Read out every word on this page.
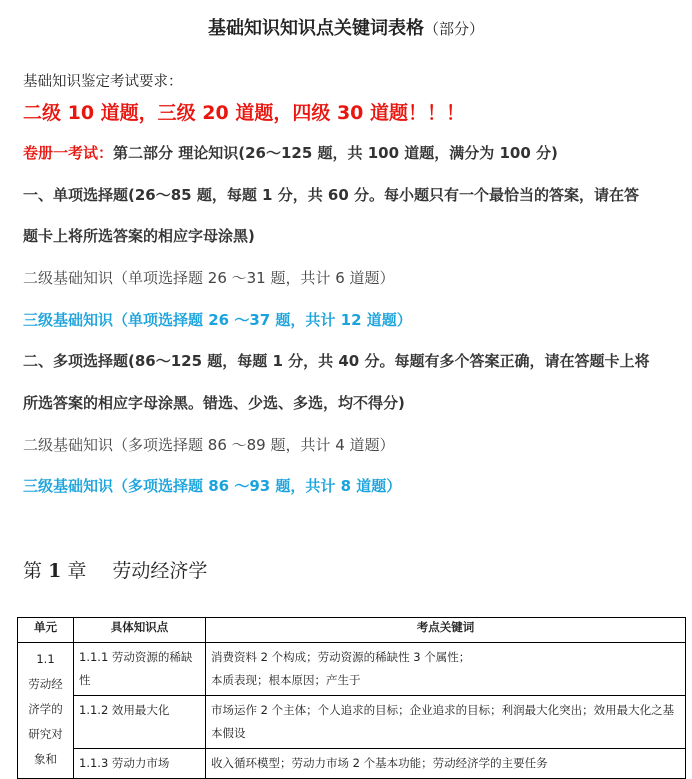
基础知识知识点关键词表格（部分）
基础知识鉴定考试要求：
二级 10 道题，三级 20 道题，四级 30 道题！！！
卷册一考试：第二部分 理论知识(26～125 题，共 100 道题，满分为 100 分)
一、单项选择题(26～85 题，每题 1 分，共 60 分。每小题只有一个最恰当的答案，请在答
题卡上将所选答案的相应字母涂黑)
二级基础知识（单项选择题 26 ～31 题，共计 6 道题）
三级基础知识（单项选择题 26 ～37 题，共计 12 道题）
二、多项选择题(86～125 题，每题 1 分，共 40 分。每题有多个答案正确，请在答题卡上将
所选答案的相应字母涂黑。错选、少选、多选，均不得分)
二级基础知识（多项选择题 86 ～89 题，共计 4 道题）
三级基础知识（多项选择题 86 ～93 题，共计 8 道题）
第 1 章 劳动经济学
单元	具体知识点	考点关键词
1.1
劳动经
济学的
研究对
象和	1.1.1 劳动资源的稀缺性	消费资料 2 个构成；劳动资源的稀缺性 3 个属性；
本质表现；根本原因；产生于
	1.1.2 效用最大化	市场运作 2 个主体；个人追求的目标；企业追求的目标；利润最大化突出；效用最大化之基本假设
	1.1.3 劳动力市场	收入循环模型；劳动力市场 2 个基本功能；劳动经济学的主要任务
